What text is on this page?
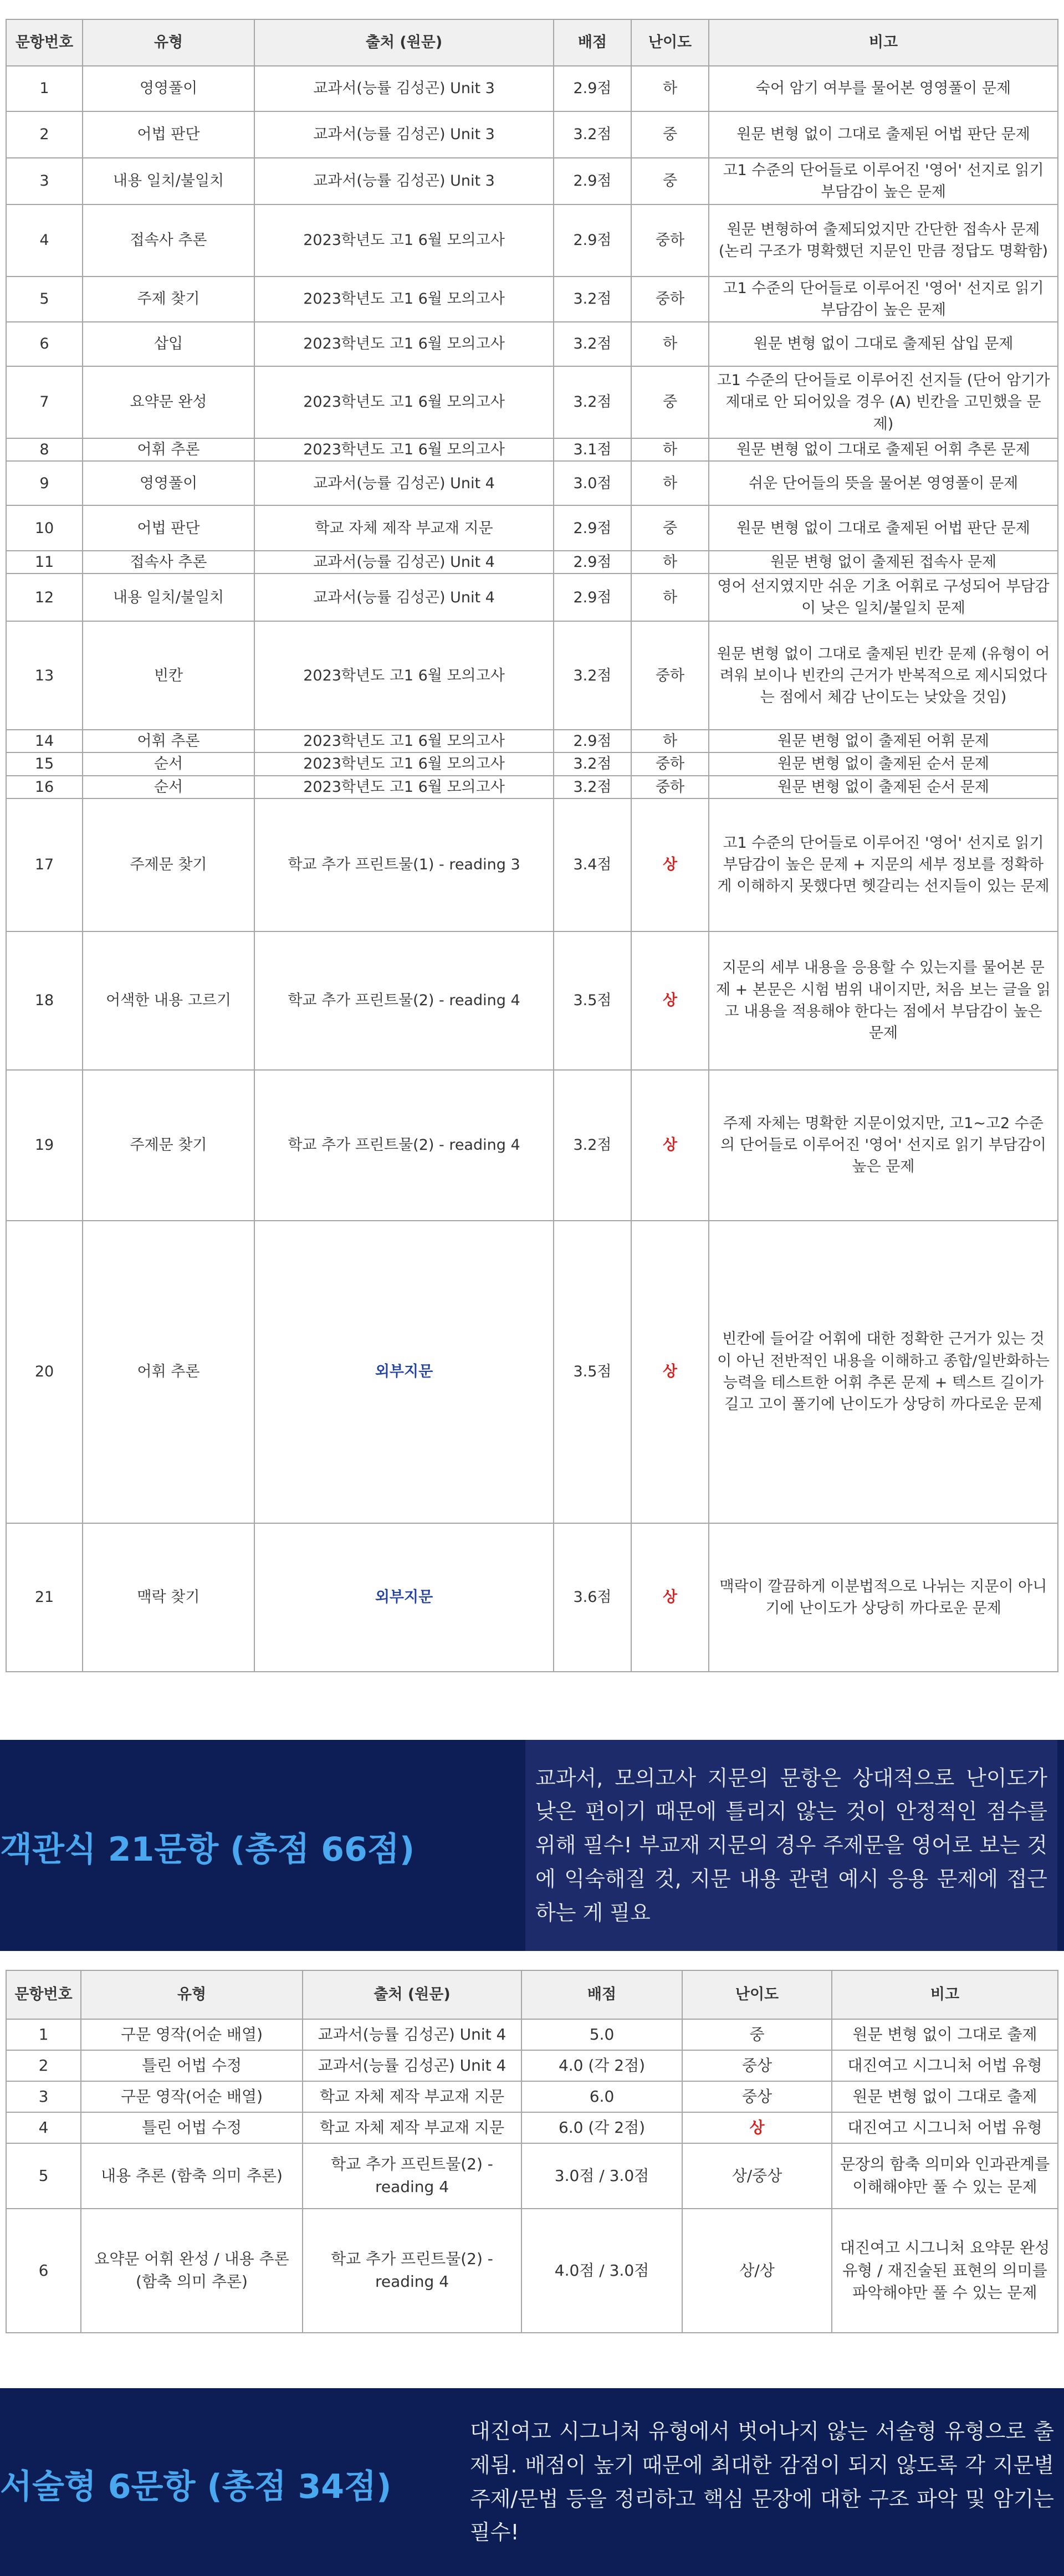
문항번호	유형	출처 (원문)	배점	난이도	비고
1	영영풀이	교과서(능률 김성곤) Unit 3	2.9점	하	숙어 암기 여부를 물어본 영영풀이 문제
2	어법 판단	교과서(능률 김성곤) Unit 3	3.2점	중	원문 변형 없이 그대로 출제된 어법 판단 문제
3	내용 일치/불일치	교과서(능률 김성곤) Unit 3	2.9점	중	고1 수준의 단어들로 이루어진 '영어' 선지로 읽기 부담감이 높은 문제
4	접속사 추론	2023학년도 고1 6월 모의고사	2.9점	중하	원문 변형하여 출제되었지만 간단한 접속사 문제 (논리 구조가 명확했던 지문인 만큼 정답도 명확함)
5	주제 찾기	2023학년도 고1 6월 모의고사	3.2점	중하	고1 수준의 단어들로 이루어진 '영어' 선지로 읽기 부담감이 높은 문제
6	삽입	2023학년도 고1 6월 모의고사	3.2점	하	원문 변형 없이 그대로 출제된 삽입 문제
7	요약문 완성	2023학년도 고1 6월 모의고사	3.2점	중	고1 수준의 단어들로 이루어진 선지들 (단어 암기가 제대로 안 되어있을 경우 (A) 빈칸을 고민했을 문제)
8	어휘 추론	2023학년도 고1 6월 모의고사	3.1점	하	원문 변형 없이 그대로 출제된 어휘 추론 문제
9	영영풀이	교과서(능률 김성곤) Unit 4	3.0점	하	쉬운 단어들의 뜻을 물어본 영영풀이 문제
10	어법 판단	학교 자체 제작 부교재 지문	2.9점	중	원문 변형 없이 그대로 출제된 어법 판단 문제
11	접속사 추론	교과서(능률 김성곤) Unit 4	2.9점	하	원문 변형 없이 출제된 접속사 문제
12	내용 일치/불일치	교과서(능률 김성곤) Unit 4	2.9점	하	영어 선지였지만 쉬운 기초 어휘로 구성되어 부담감이 낮은 일치/불일치 문제
13	빈칸	2023학년도 고1 6월 모의고사	3.2점	중하	원문 변형 없이 그대로 출제된 빈칸 문제 (유형이 어려워 보이나 빈칸의 근거가 반복적으로 제시되었다는 점에서 체감 난이도는 낮았을 것임)
14	어휘 추론	2023학년도 고1 6월 모의고사	2.9점	하	원문 변형 없이 출제된 어휘 문제
15	순서	2023학년도 고1 6월 모의고사	3.2점	중하	원문 변형 없이 출제된 순서 문제
16	순서	2023학년도 고1 6월 모의고사	3.2점	중하	원문 변형 없이 출제된 순서 문제
17	주제문 찾기	학교 추가 프린트물(1) - reading 3	3.4점	상	고1 수준의 단어들로 이루어진 '영어' 선지로 읽기 부담감이 높은 문제 + 지문의 세부 정보를 정확하게 이해하지 못했다면 헷갈리는 선지들이 있는 문제
18	어색한 내용 고르기	학교 추가 프린트물(2) - reading 4	3.5점	상	지문의 세부 내용을 응용할 수 있는지를 물어본 문제 + 본문은 시험 범위 내이지만, 처음 보는 글을 읽고 내용을 적용해야 한다는 점에서 부담감이 높은 문제
19	주제문 찾기	학교 추가 프린트물(2) - reading 4	3.2점	상	주제 자체는 명확한 지문이었지만, 고1~고2 수준의 단어들로 이루어진 '영어' 선지로 읽기 부담감이 높은 문제
20	어휘 추론	외부지문	3.5점	상	빈칸에 들어갈 어휘에 대한 정확한 근거가 있는 것이 아닌 전반적인 내용을 이해하고 종합/일반화하는 능력을 테스트한 어휘 추론 문제 + 텍스트 길이가 길고 고이 풀기에 난이도가 상당히 까다로운 문제
21	맥락 찾기	외부지문	3.6점	상	맥락이 깔끔하게 이분법적으로 나뉘는 지문이 아니기에 난이도가 상당히 까다로운 문제
객관식 21문항 (총점 66점)
교과서, 모의고사 지문의 문항은 상대적으로 난이도가 낮은 편이기 때문에 틀리지 않는 것이 안정적인 점수를 위해 필수! 부교재 지문의 경우 주제문을 영어로 보는 것에 익숙해질 것, 지문 내용 관련 예시 응용 문제에 접근하는 게 필요
문항번호	유형	출처 (원문)	배점	난이도	비고
1	구문 영작(어순 배열)	교과서(능률 김성곤) Unit 4	5.0	중	원문 변형 없이 그대로 출제
2	틀린 어법 수정	교과서(능률 김성곤) Unit 4	4.0 (각 2점)	중상	대진여고 시그니처 어법 유형
3	구문 영작(어순 배열)	학교 자체 제작 부교재 지문	6.0	중상	원문 변형 없이 그대로 출제
4	틀린 어법 수정	학교 자체 제작 부교재 지문	6.0 (각 2점)	상	대진여고 시그니처 어법 유형
5	내용 추론 (함축 의미 추론)	학교 추가 프린트물(2) - reading 4	3.0점 / 3.0점	상/중상	문장의 함축 의미와 인과관계를 이해해야만 풀 수 있는 문제
6	요약문 어휘 완성 / 내용 추론 (함축 의미 추론)	학교 추가 프린트물(2) - reading 4	4.0점 / 3.0점	상/상	대진여고 시그니처 요약문 완성 유형 / 재진술된 표현의 의미를 파악해야만 풀 수 있는 문제
서술형 6문항 (총점 34점)
대진여고 시그니처 유형에서 벗어나지 않는 서술형 유형으로 출제됨. 배점이 높기 때문에 최대한 감점이 되지 않도록 각 지문별 주제/문법 등을 정리하고 핵심 문장에 대한 구조 파악 및 암기는 필수!
